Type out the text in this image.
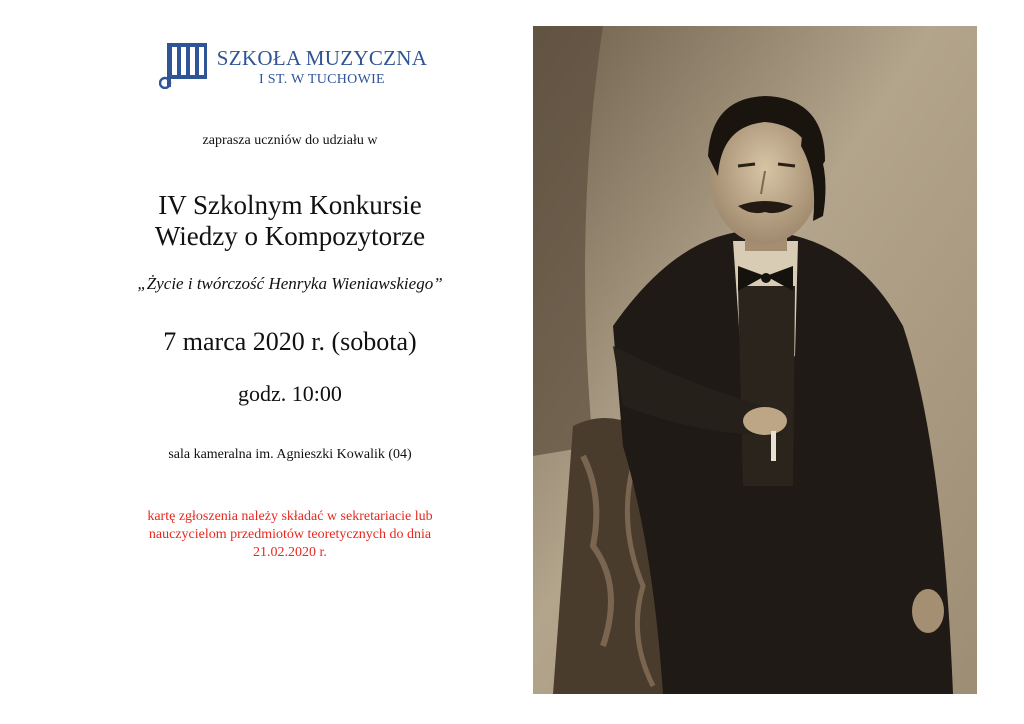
SZKOŁA MUZYCZNA
I ST. W TUCHOWIE
zaprasza uczniów do udziału w
IV Szkolnym Konkursie
Wiedzy o Kompozytorze
„Życie i twórczość Henryka Wieniawskiego”
7 marca 2020 r. (sobota)
godz. 10:00
sala kameralna im. Agnieszki Kowalik (04)
kartę zgłoszenia należy składać w sekretariacie lub
nauczycielom przedmiotów teoretycznych do dnia
21.02.2020 r.
